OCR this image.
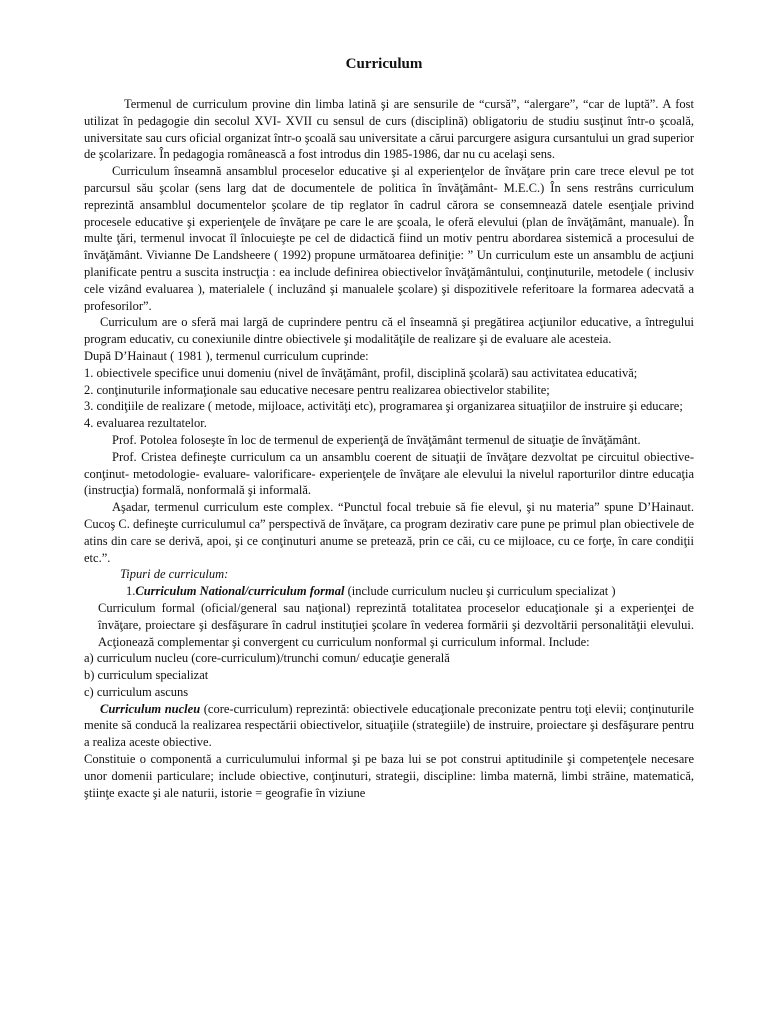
Curriculum

Termenul de curriculum provine din limba latină şi are sensurile de “cursă”, “alergare”, “car de luptă”. A fost utilizat în pedagogie din secolul XVI- XVII cu sensul de curs (disciplină) obligatoriu de studiu susţinut într-o şcoală, universitate sau curs oficial organizat într-o şcoală sau universitate a cărui parcurgere asigura cursantului un grad superior de şcolarizare. În pedagogia românească a fost introdus din 1985-1986, dar nu cu acelaşi sens.

Curriculum înseamnă ansamblul proceselor educative şi al experienţelor de învăţare prin care trece elevul pe tot parcursul său şcolar (sens larg dat de documentele de politica în învăţământ- M.E.C.) În sens restrâns curriculum reprezintă ansamblul documentelor şcolare de tip reglator în cadrul cărora se consemnează datele esenţiale privind procesele educative şi experienţele de învăţare pe care le are şcoala, le oferă elevului (plan de învăţământ, manuale). În multe ţări, termenul invocat îl înlocuieşte pe cel de didactică fiind un motiv pentru abordarea sistemică a procesului de învăţământ. Vivianne De Landsheere ( 1992) propune următoarea definiţie: ” Un curriculum este un ansamblu de acţiuni planificate pentru a suscita instrucţia : ea include definirea obiectivelor învăţământului, conţinuturile, metodele ( inclusiv cele vizând evaluarea ), materialele ( incluzând şi manualele şcolare) şi dispozitivele referitoare la formarea adecvată a profesorilor”.

Curriculum are o sferă mai largă de cuprindere pentru că el înseamnă şi pregătirea acţiunilor educative, a întregului program educativ, cu conexiunile dintre obiectivele şi modalităţile de realizare şi de evaluare ale acesteia.

După D’Hainaut ( 1981 ), termenul curriculum cuprinde:

1. obiectivele specifice unui domeniu (nivel de învăţământ, profil, disciplină şcolară) sau activitatea educativă;

2. conţinuturile informaţionale sau educative necesare pentru realizarea obiectivelor stabilite;

3. condiţiile de realizare ( metode, mijloace, activităţi etc), programarea şi organizarea situaţiilor de instruire şi educare;

4. evaluarea rezultatelor.

Prof. Potolea foloseşte în loc de termenul de experienţă de învăţământ termenul de situaţie de învăţământ.

Prof. Cristea defineşte curriculum ca un ansamblu coerent de situaţii de învăţare dezvoltat pe circuitul obiective- conţinut- metodologie- evaluare- valorificare- experienţele de învăţare ale elevului la nivelul raporturilor dintre educaţia (instrucţia) formală, nonformală şi informală.

Aşadar, termenul curriculum este complex. “Punctul focal trebuie să fie elevul, şi nu materia” spune D’Hainaut. Cucoş C. defineşte curriculumul ca” perspectivă de învăţare, ca program dezirativ care pune pe primul plan obiectivele de atins din care se derivă, apoi, şi ce conţinuturi anume se pretează, prin ce căi, cu ce mijloace, cu ce forţe, în care condiţii etc.”.

Tipuri de curriculum:

1.Curriculum National/curriculum formal (include curriculum nucleu şi curriculum specializat )

Curriculum formal (oficial/general sau naţional) reprezintă totalitatea proceselor educaţionale şi a experienţei de învăţare, proiectare şi desfăşurare în cadrul instituţiei şcolare în vederea formării şi dezvoltării personalităţii elevului. Acţionează complementar şi convergent cu curriculum nonformal şi curriculum informal. Include:

a) curriculum nucleu (core-curriculum)/trunchi comun/ educaţie generală

b) curriculum specializat

c) curriculum ascuns

Curriculum nucleu (core-curriculum) reprezintă: obiectivele educaţionale preconizate pentru toţi elevii; conţinuturile menite să conducă la realizarea respectării obiectivelor, situaţiile (strategiile) de instruire, proiectare şi desfăşurare pentru a realiza aceste obiective.

Constituie o componentă a curriculumului informal şi pe baza lui se pot construi aptitudinile şi competenţele necesare unor domenii particulare; include obiective, conţinuturi, strategii, discipline: limba maternă, limbi străine, matematică, ştiinţe exacte şi ale naturii, istorie = geografie în viziune
